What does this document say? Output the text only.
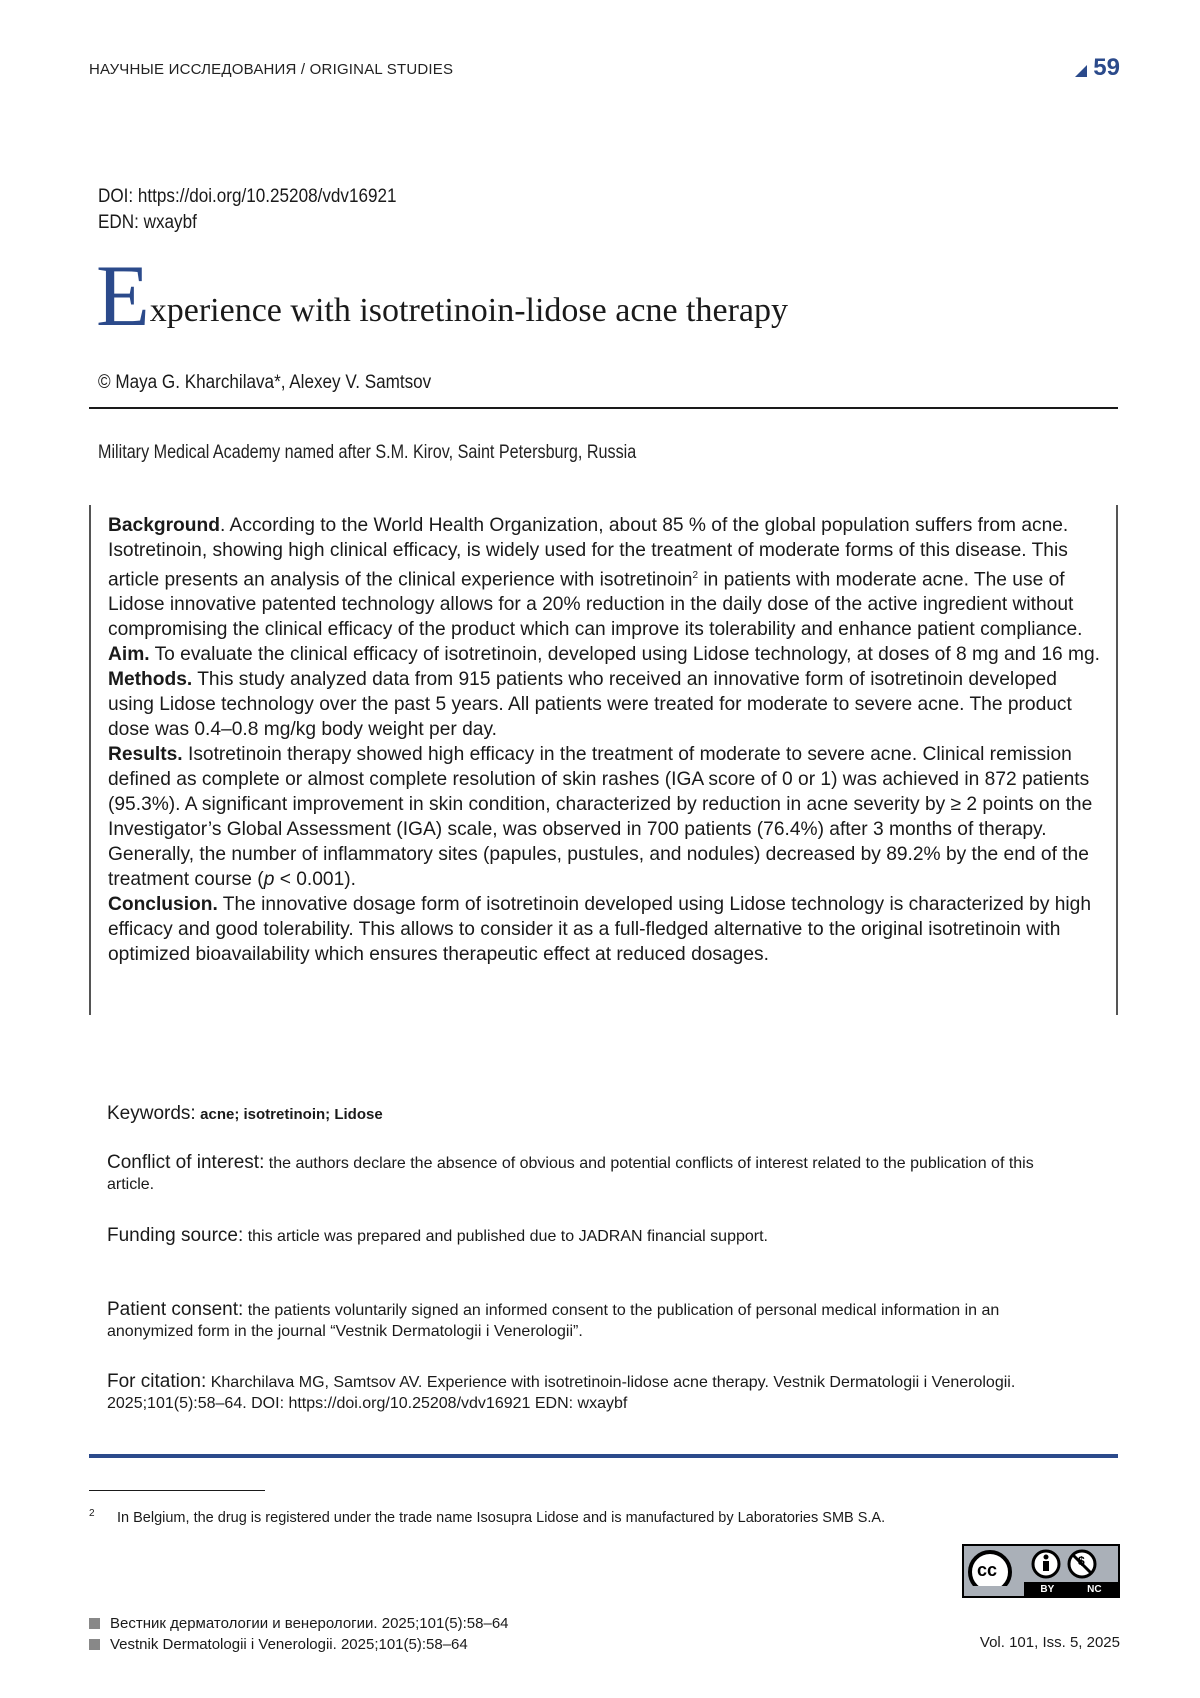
НАУЧНЫЕ ИССЛЕДОВАНИЯ / ORIGINAL STUDIES	59
DOI: https://doi.org/10.25208/vdv16921
EDN: wxaybf
Experience with isotretinoin-lidose acne therapy
© Maya G. Kharchilava*, Alexey V. Samtsov
Military Medical Academy named after S.M. Kirov, Saint Petersburg, Russia

Background. According to the World Health Organization, about 85 % of the global population suffers from acne. Isotretinoin, showing high clinical efficacy, is widely used for the treatment of moderate forms of this disease. This article presents an analysis of the clinical experience with isotretinoin$^2$ in patients with moderate acne. The use of Lidose innovative patented technology allows for a 20% reduction in the daily dose of the active ingredient without compromising the clinical efficacy of the product which can improve its tolerability and enhance patient compliance.

Aim. To evaluate the clinical efficacy of isotretinoin, developed using Lidose technology, at doses of 8 mg and 16 mg.

Methods. This study analyzed data from 915 patients who received an innovative form of isotretinoin developed using Lidose technology over the past 5 years. All patients were treated for moderate to severe acne. The product dose was 0.4–0.8 mg/kg body weight per day.

Results. Isotretinoin therapy showed high efficacy in the treatment of moderate to severe acne. Clinical remission defined as complete or almost complete resolution of skin rashes (IGA score of 0 or 1) was achieved in 872 patients (95.3%). A significant improvement in skin condition, characterized by reduction in acne severity by ≥ 2 points on the Investigator’s Global Assessment (IGA) scale, was observed in 700 patients (76.4%) after 3 months of therapy. Generally, the number of inflammatory sites (papules, pustules, and nodules) decreased by 89.2% by the end of the treatment course (p < 0.001).

Conclusion. The innovative dosage form of isotretinoin developed using Lidose technology is characterized by high efficacy and good tolerability. This allows to consider it as a full-fledged alternative to the original isotretinoin with optimized bioavailability which ensures therapeutic effect at reduced dosages.

Keywords: acne; isotretinoin; Lidose
Conflict of interest: the authors declare the absence of obvious and potential conflicts of interest related to the publication of this article.
Funding source: this article was prepared and published due to JADRAN financial support.
Patient consent: the patients voluntarily signed an informed consent to the publication of personal medical information in an anonymized form in the journal “Vestnik Dermatologii i Venerologii”.
For citation: Kharchilava MG, Samtsov AV. Experience with isotretinoin-lidose acne therapy. Vestnik Dermatologii i Venerologii. 2025;101(5):58–64. DOI: https://doi.org/10.25208/vdv16921 EDN: wxaybf
$^2$ In Belgium, the drug is registered under the trade name Isosupra Lidose and is manufactured by Laboratories SMB S.A.
cc	$
BY	NC
Вестник дерматологии и венерологии. 2025;101(5):58–64
Vestnik Dermatologii i Venerologii. 2025;101(5):58–64	Vol. 101, Iss. 5, 2025
